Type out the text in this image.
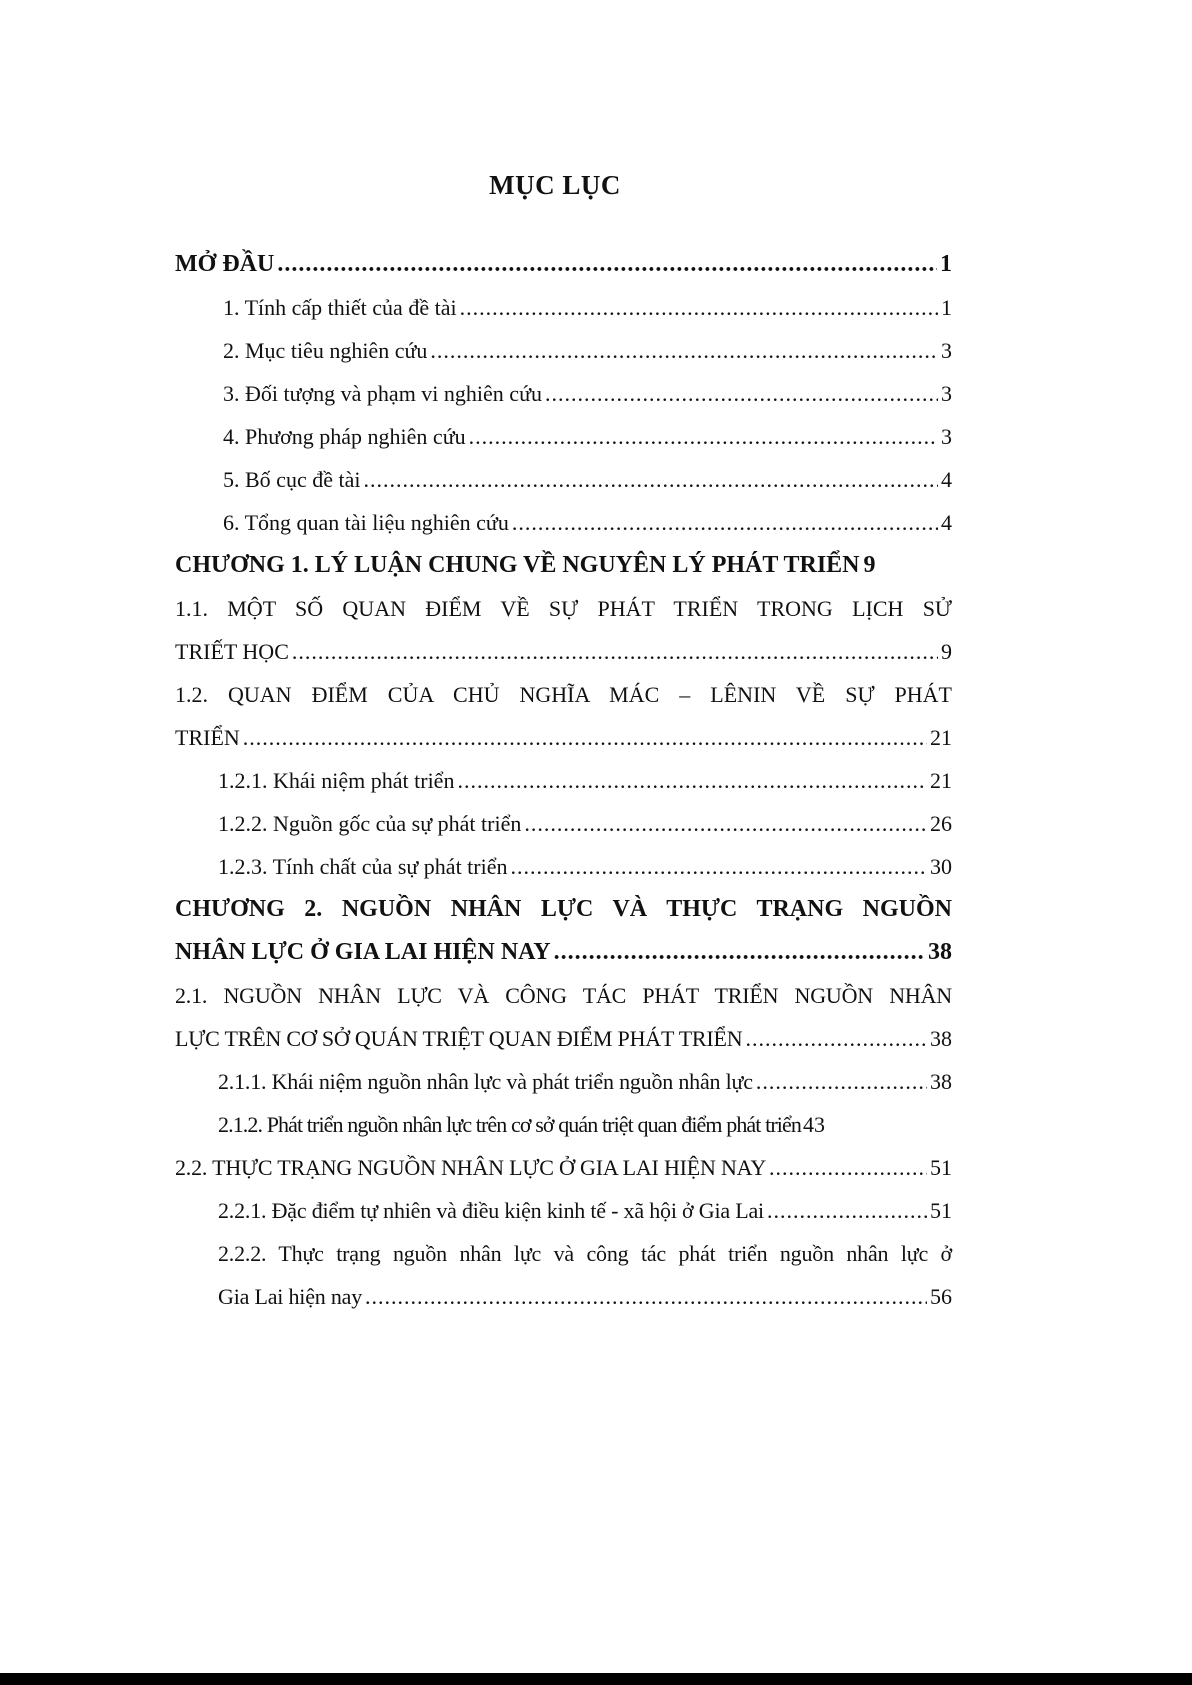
MỤC LỤC
MỞ ĐẦU .....	1
1. Tính cấp thiết của đề tài .....	1
2. Mục tiêu nghiên cứu .....	3
3. Đối tượng và phạm vi nghiên cứu .....	3
4. Phương pháp nghiên cứu .....	3
5. Bố cục đề tài .....	4
6. Tổng quan tài liệu nghiên cứu .....	4
CHƯƠNG 1. LÝ LUẬN CHUNG VỀ NGUYÊN LÝ PHÁT TRIỂN 9
1.1. MỘT SỐ QUAN ĐIỂM VỀ SỰ PHÁT TRIỂN TRONG LỊCH SỬ
TRIẾT HỌC .....	9
1.2. QUAN ĐIỂM CỦA CHỦ NGHĨA MÁC – LÊNIN VỀ SỰ PHÁT
TRIỂN .....	21
1.2.1. Khái niệm phát triển .....	21
1.2.2. Nguồn gốc của sự phát triển .....	26
1.2.3. Tính chất của sự phát triển .....	30
CHƯƠNG 2. NGUỒN NHÂN LỰC VÀ THỰC TRẠNG NGUỒN
NHÂN LỰC Ở GIA LAI HIỆN NAY .....	38
2.1. NGUỒN NHÂN LỰC VÀ CÔNG TÁC PHÁT TRIỂN NGUỒN NHÂN
LỰC TRÊN CƠ SỞ QUÁN TRIỆT QUAN ĐIỂM PHÁT TRIỂN .....	38
2.1.1. Khái niệm nguồn nhân lực và phát triển nguồn nhân lực .....	38
2.1.2. Phát triển nguồn nhân lực trên cơ sở quán triệt quan điểm phát triển 43
2.2. THỰC TRẠNG NGUỒN NHÂN LỰC Ở GIA LAI HIỆN NAY .....	51
2.2.1. Đặc điểm tự nhiên và điều kiện kinh tế - xã hội ở Gia Lai .....	51
2.2.2. Thực trạng nguồn nhân lực và công tác phát triển nguồn nhân lực ở
Gia Lai hiện nay .....	56
